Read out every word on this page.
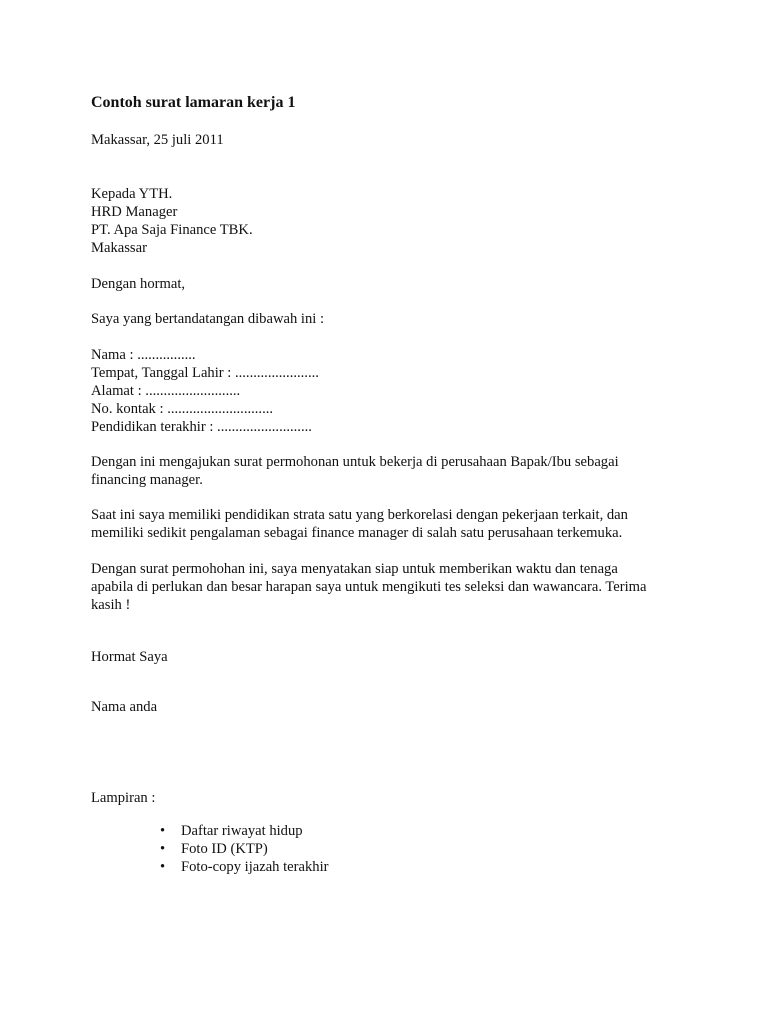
Contoh surat lamaran kerja 1
Makassar, 25 juli 2011
Kepada YTH.
HRD Manager
PT. Apa Saja Finance TBK.
Makassar
Dengan hormat,
Saya yang bertandatangan dibawah ini :
Nama : ................
Tempat, Tanggal Lahir : .......................
Alamat : ..........................
No. kontak : .............................
Pendidikan terakhir : ..........................
Dengan ini mengajukan surat permohonan untuk bekerja di perusahaan Bapak/Ibu sebagai
financing manager.
Saat ini saya memiliki pendidikan strata satu yang berkorelasi dengan pekerjaan terkait, dan
memiliki sedikit pengalaman sebagai finance manager di salah satu perusahaan terkemuka.
Dengan surat permohohan ini, saya menyatakan siap untuk memberikan waktu dan tenaga
apabila di perlukan dan besar harapan saya untuk mengikuti tes seleksi dan wawancara. Terima
kasih !
Hormat Saya
Nama anda
Lampiran :
• Daftar riwayat hidup
• Foto ID (KTP)
• Foto-copy ijazah terakhir
